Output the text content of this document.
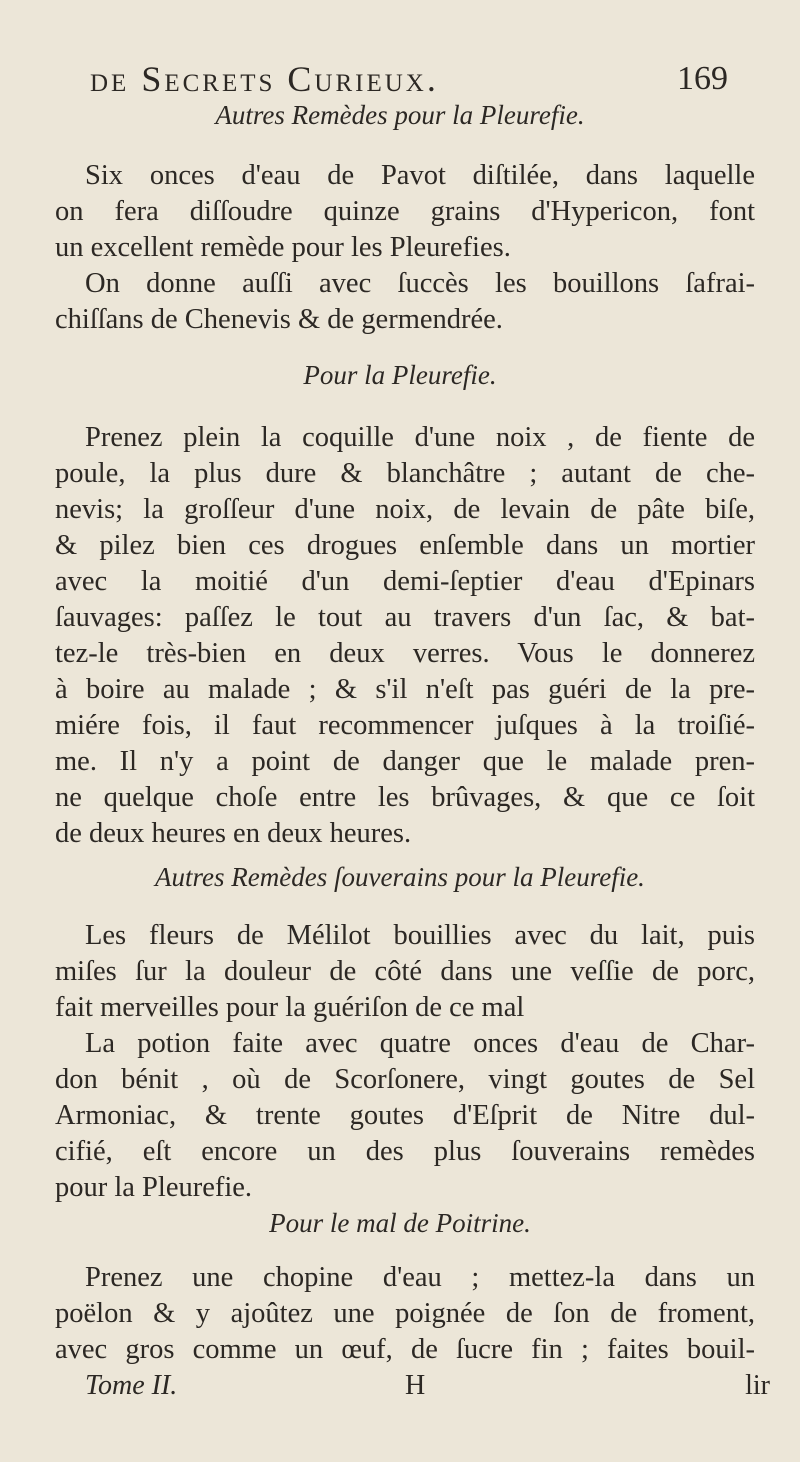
de Secrets Curieux.	169
Autres Remèdes pour la Pleurefie.
Six onces d'eau de Pavot diſtilée, dans laquelle
on fera diſſoudre quinze grains d'Hypericon, font
un excellent remède pour les Pleurefies.
On donne auſſi avec ſuccès les bouillons ſafrai-
chiſſans de Chenevis & de germendrée.
Pour la Pleurefie.
Prenez plein la coquille d'une noix , de fiente de
poule, la plus dure & blanchâtre ; autant de che-
nevis; la groſſeur d'une noix, de levain de pâte biſe,
& pilez bien ces drogues enſemble dans un mortier
avec la moitié d'un demi-ſeptier d'eau d'Epinars
ſauvages: paſſez le tout au travers d'un ſac, & bat-
tez-le très-bien en deux verres. Vous le donnerez
à boire au malade ; & s'il n'eſt pas guéri de la pre-
miére fois, il faut recommencer juſques à la troiſié-
me. Il n'y a point de danger que le malade pren-
ne quelque choſe entre les brûvages, & que ce ſoit
de deux heures en deux heures.
Autres Remèdes ſouverains pour la Pleurefie.
Les fleurs de Mélilot bouillies avec du lait, puis
miſes ſur la douleur de côté dans une veſſie de porc,
fait merveilles pour la guériſon de ce mal
La potion faite avec quatre onces d'eau de Char-
don bénit , où de Scorſonere, vingt goutes de Sel
Armoniac, & trente goutes d'Eſprit de Nitre dul-
cifié, eſt encore un des plus ſouverains remèdes
pour la Pleurefie.
Pour le mal de Poitrine.
Prenez une chopine d'eau ; mettez-la dans un
poëlon & y ajoûtez une poignée de ſon de froment,
avec gros comme un œuf, de ſucre fin ; faites bouil-
Tome II.	H	lir
